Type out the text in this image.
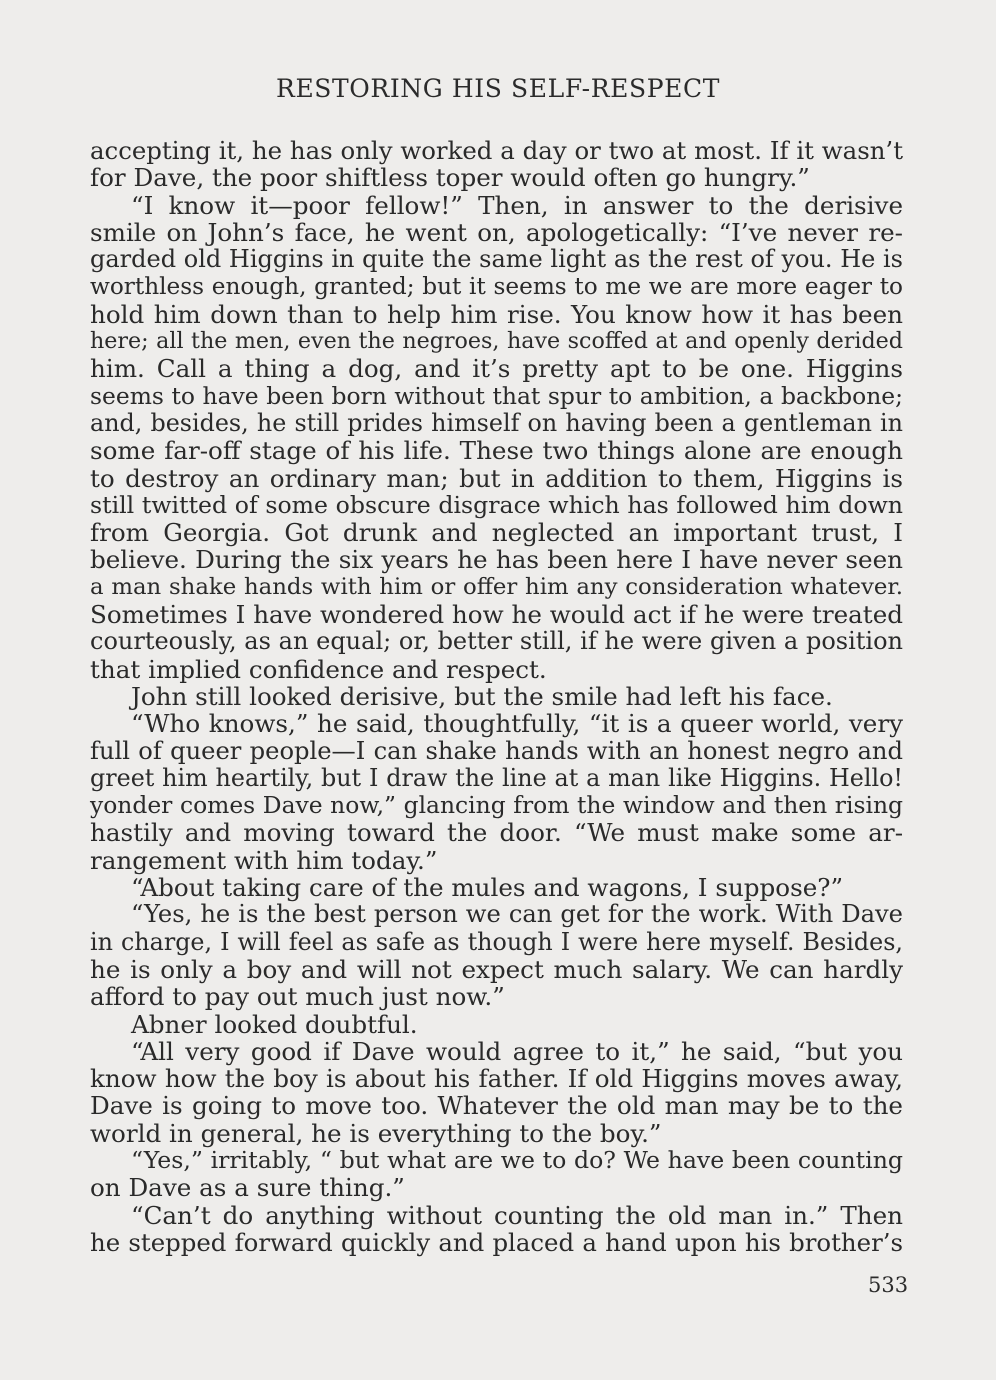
RESTORING HIS SELF-RESPECT
accepting it, he has only worked a day or two at most. If it wasn’t
for Dave, the poor shiftless toper would often go hungry.”
“I know it—poor fellow!” Then, in answer to the derisive
smile on John’s face, he went on, apologetically: “I’ve never re-
garded old Higgins in quite the same light as the rest of you. He is
worthless enough, granted; but it seems to me we are more eager to
hold him down than to help him rise. You know how it has been
here; all the men, even the negroes, have scoffed at and openly derided
him. Call a thing a dog, and it’s pretty apt to be one. Higgins
seems to have been born without that spur to ambition, a backbone;
and, besides, he still prides himself on having been a gentleman in
some far-off stage of his life. These two things alone are enough
to destroy an ordinary man; but in addition to them, Higgins is
still twitted of some obscure disgrace which has followed him down
from Georgia. Got drunk and neglected an important trust, I
believe. During the six years he has been here I have never seen
a man shake hands with him or offer him any consideration whatever.
Sometimes I have wondered how he would act if he were treated
courteously, as an equal; or, better still, if he were given a position
that implied confidence and respect.
John still looked derisive, but the smile had left his face.
“Who knows,” he said, thoughtfully, “it is a queer world, very
full of queer people—I can shake hands with an honest negro and
greet him heartily, but I draw the line at a man like Higgins. Hello!
yonder comes Dave now,” glancing from the window and then rising
hastily and moving toward the door. “We must make some ar-
rangement with him today.”
“About taking care of the mules and wagons, I suppose?”
“Yes, he is the best person we can get for the work. With Dave
in charge, I will feel as safe as though I were here myself. Besides,
he is only a boy and will not expect much salary. We can hardly
afford to pay out much just now.”
Abner looked doubtful.
“All very good if Dave would agree to it,” he said, “but you
know how the boy is about his father. If old Higgins moves away,
Dave is going to move too. Whatever the old man may be to the
world in general, he is everything to the boy.”
“Yes,” irritably, “ but what are we to do? We have been counting
on Dave as a sure thing.”
“Can’t do anything without counting the old man in.” Then
he stepped forward quickly and placed a hand upon his brother’s
533
